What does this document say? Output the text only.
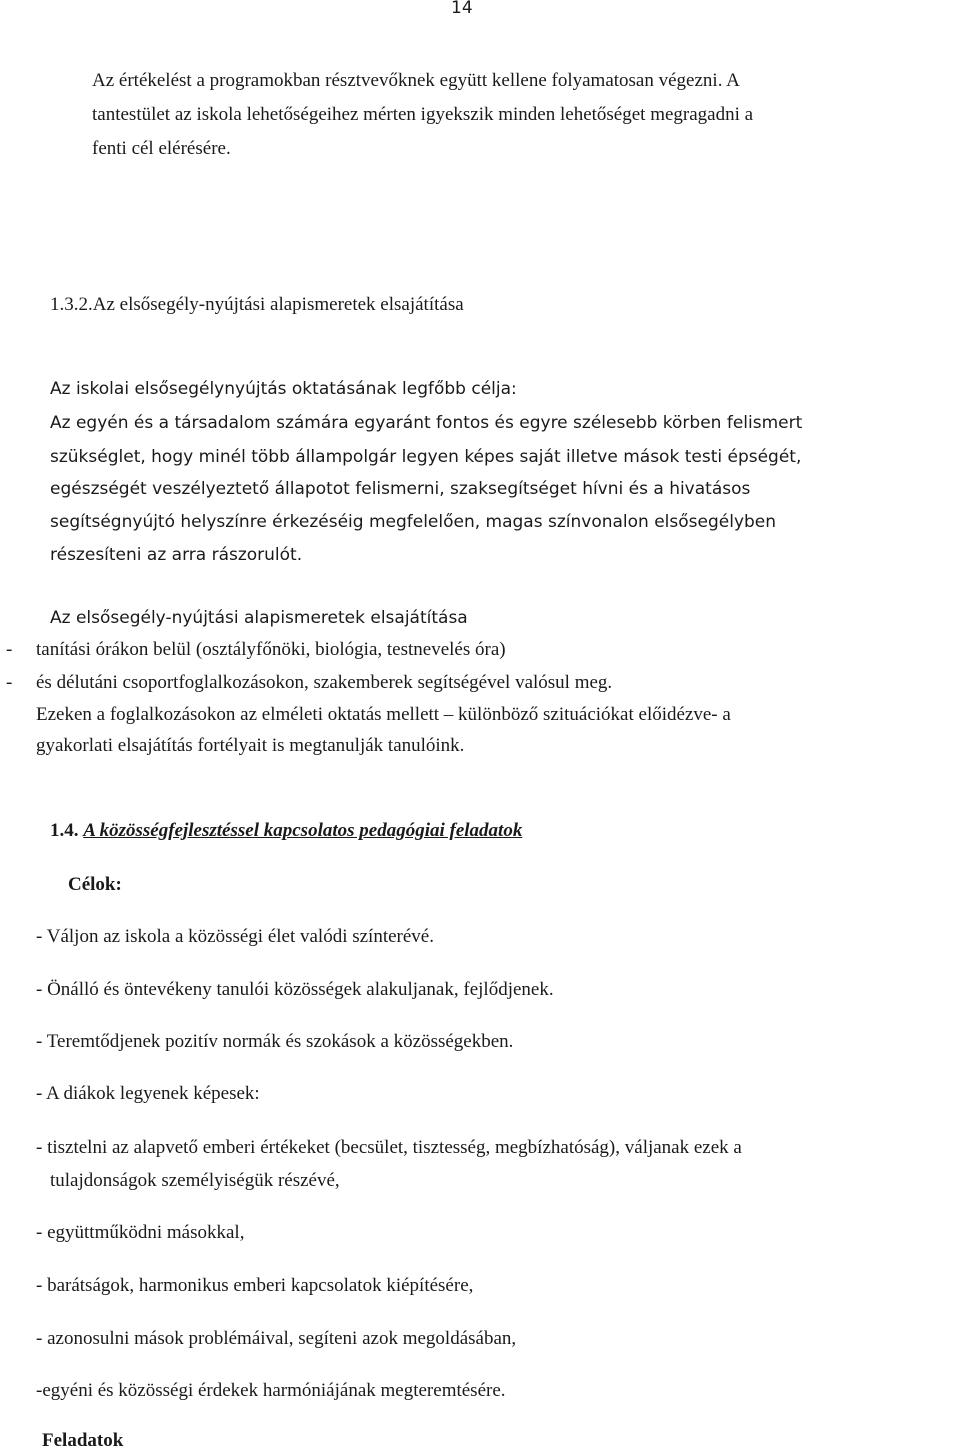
14
Az értékelést a programokban résztvevőknek együtt kellene folyamatosan végezni. A
tantestület az iskola lehetőségeihez mérten igyekszik minden lehetőséget megragadni a
fenti cél elérésére.
1.3.2.Az elsősegély-nyújtási alapismeretek elsajátítása
Az iskolai elsősegélynyújtás oktatásának legfőbb célja:
Az egyén és a társadalom számára egyaránt fontos és egyre szélesebb körben felismert
szükséglet, hogy minél több állampolgár legyen képes saját illetve mások testi épségét,
egészségét veszélyeztető állapotot felismerni, szaksegítséget hívni és a hivatásos
segítségnyújtó helyszínre érkezéséig megfelelően, magas színvonalon elsősegélyben
részesíteni az arra rászorulót.
Az elsősegély-nyújtási alapismeretek elsajátítása
- tanítási órákon belül (osztályfőnöki, biológia, testnevelés óra)
- és délutáni csoportfoglalkozásokon, szakemberek segítségével valósul meg.
Ezeken a foglalkozásokon az elméleti oktatás mellett – különböző szituációkat előidézve- a
gyakorlati elsajátítás fortélyait is megtanulják tanulóink.
1.4. A közösségfejlesztéssel kapcsolatos pedagógiai feladatok
Célok:
- Váljon az iskola a közösségi élet valódi színterévé.
- Önálló és öntevékeny tanulói közösségek alakuljanak, fejlődjenek.
- Teremtődjenek pozitív normák és szokások a közösségekben.
- A diákok legyenek képesek:
- tisztelni az alapvető emberi értékeket (becsület, tisztesség, megbízhatóság), váljanak ezek a
tulajdonságok személyiségük részévé,
- együttműködni másokkal,
- barátságok, harmonikus emberi kapcsolatok kiépítésére,
- azonosulni mások problémáival, segíteni azok megoldásában,
-egyéni és közösségi érdekek harmóniájának megteremtésére.
Feladatok
